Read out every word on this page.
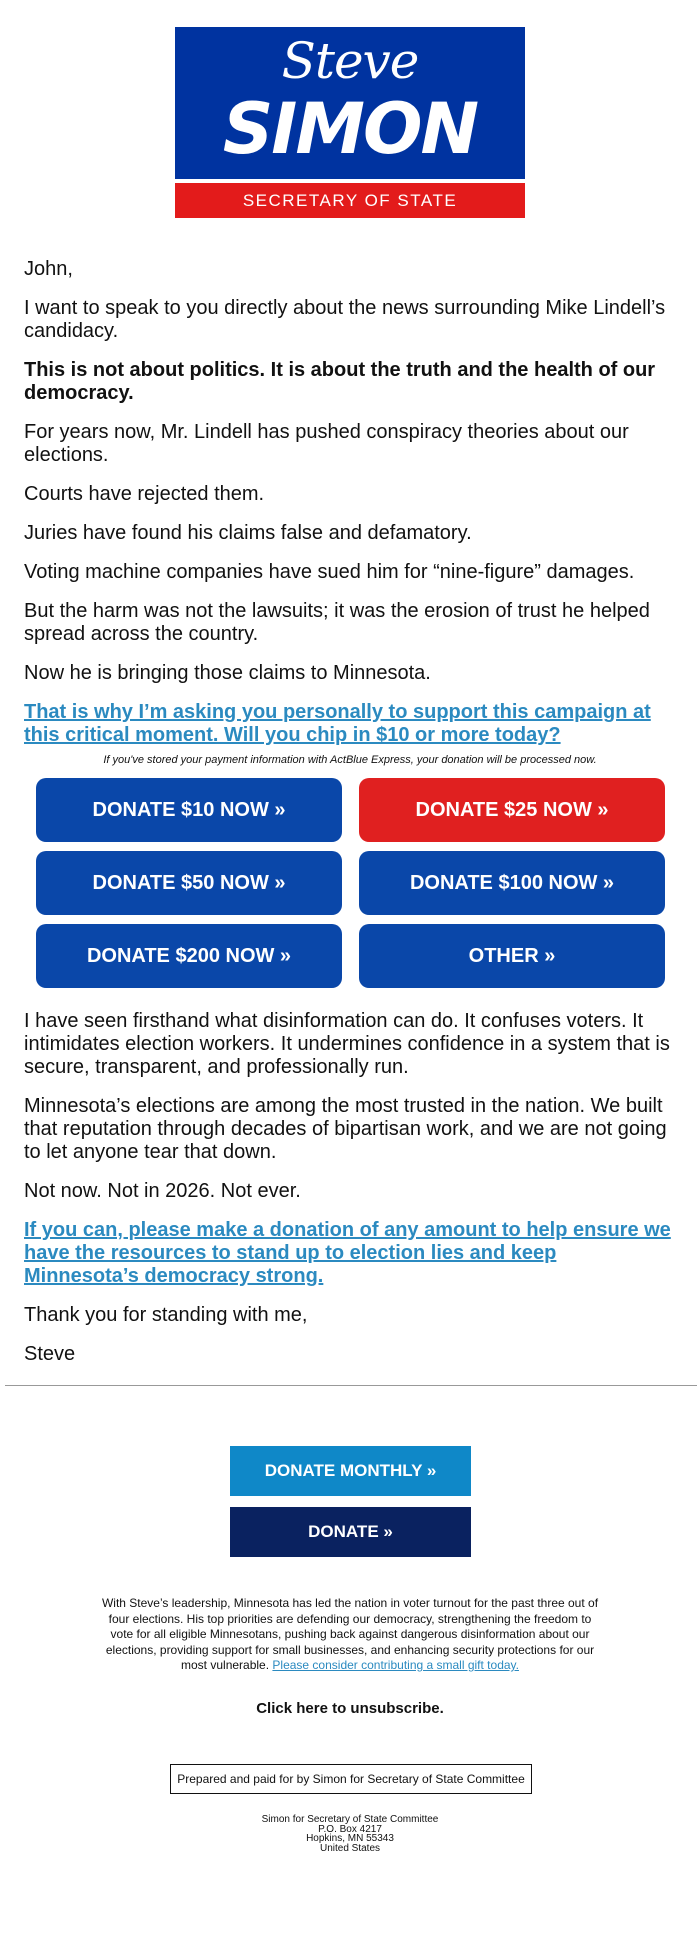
Steve
SIMON
SECRETARY OF STATE

John,

I want to speak to you directly about the news surrounding Mike Lindell’s candidacy.

This is not about politics. It is about the truth and the health of our democracy.

For years now, Mr. Lindell has pushed conspiracy theories about our elections.

Courts have rejected them.

Juries have found his claims false and defamatory.

Voting machine companies have sued him for “nine-figure” damages.

But the harm was not the lawsuits; it was the erosion of trust he helped spread across the country.

Now he is bringing those claims to Minnesota.

That is why I’m asking you personally to support this campaign at this critical moment. Will you chip in $10 or more today?
If you've stored your payment information with ActBlue Express, your donation will be processed now.
DONATE $10 NOW »	DONATE $25 NOW »
DONATE $50 NOW »	DONATE $100 NOW »
DONATE $200 NOW »	OTHER »

I have seen firsthand what disinformation can do. It confuses voters. It intimidates election workers. It undermines confidence in a system that is secure, transparent, and professionally run.

Minnesota’s elections are among the most trusted in the nation. We built that reputation through decades of bipartisan work, and we are not going to let anyone tear that down.

Not now. Not in 2026. Not ever.

If you can, please make a donation of any amount to help ensure we have the resources to stand up to election lies and keep Minnesota’s democracy strong.

Thank you for standing with me,

Steve

DONATE MONTHLY »
DONATE »

With Steve’s leadership, Minnesota has led the nation in voter turnout for the past three out of four elections. His top priorities are defending our democracy, strengthening the freedom to vote for all eligible Minnesotans, pushing back against dangerous disinformation about our elections, providing support for small businesses, and enhancing security protections for our most vulnerable. Please consider contributing a small gift today.

Click here to unsubscribe.
Prepared and paid for by Simon for Secretary of State Committee
Simon for Secretary of State Committee
P.O. Box 4217
Hopkins, MN 55343
United States
